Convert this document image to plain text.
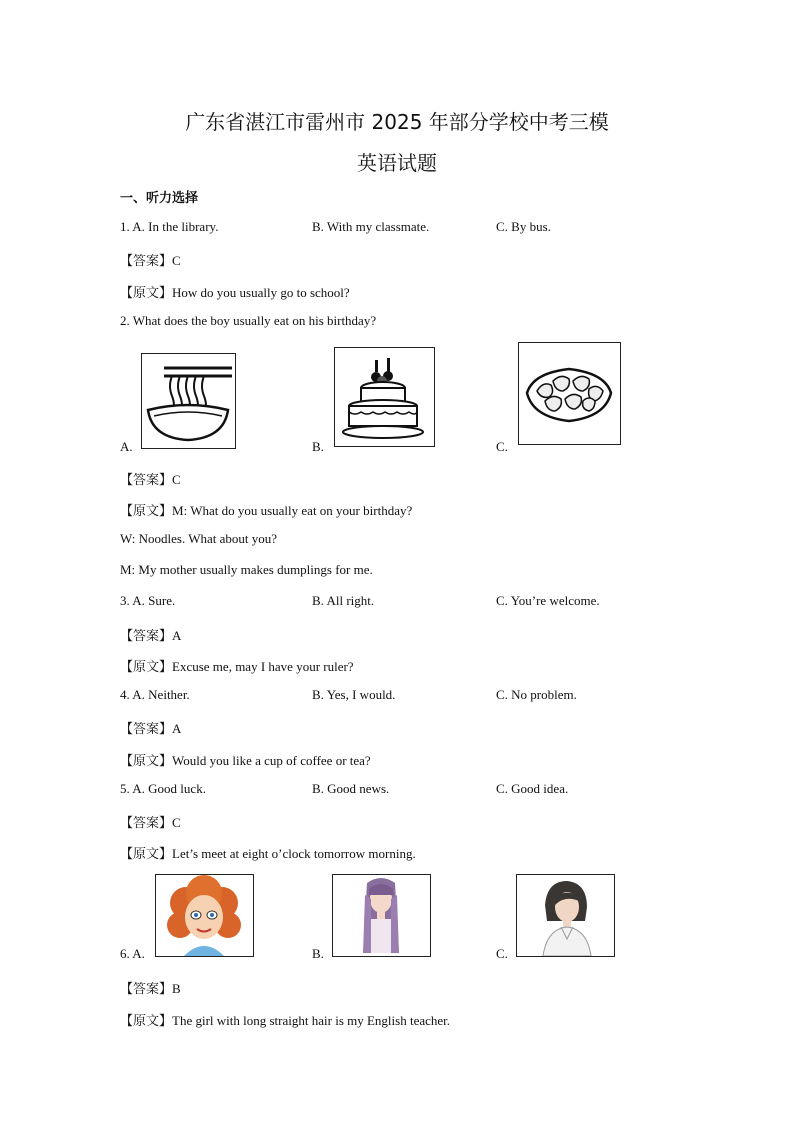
广东省湛江市雷州市 2025 年部分学校中考三模
英语试题
一、听力选择
1. A. In the library.	B. With my classmate.	C. By bus.
【答案】C
【原文】How do you usually go to school?
2. What does the boy usually eat on his birthday?
A.	B.	C.
【答案】C
【原文】M: What do you usually eat on your birthday?
W: Noodles. What about you?
M: My mother usually makes dumplings for me.
3. A. Sure.	B. All right.	C. You’re welcome.
【答案】A
【原文】Excuse me, may I have your ruler?
4. A. Neither.	B. Yes, I would.	C. No problem.
【答案】A
【原文】Would you like a cup of coffee or tea?
5. A. Good luck.	B. Good news.	C. Good idea.
【答案】C
【原文】Let’s meet at eight o’clock tomorrow morning.
6. A.	B.	C.
【答案】B
【原文】The girl with long straight hair is my English teacher.
